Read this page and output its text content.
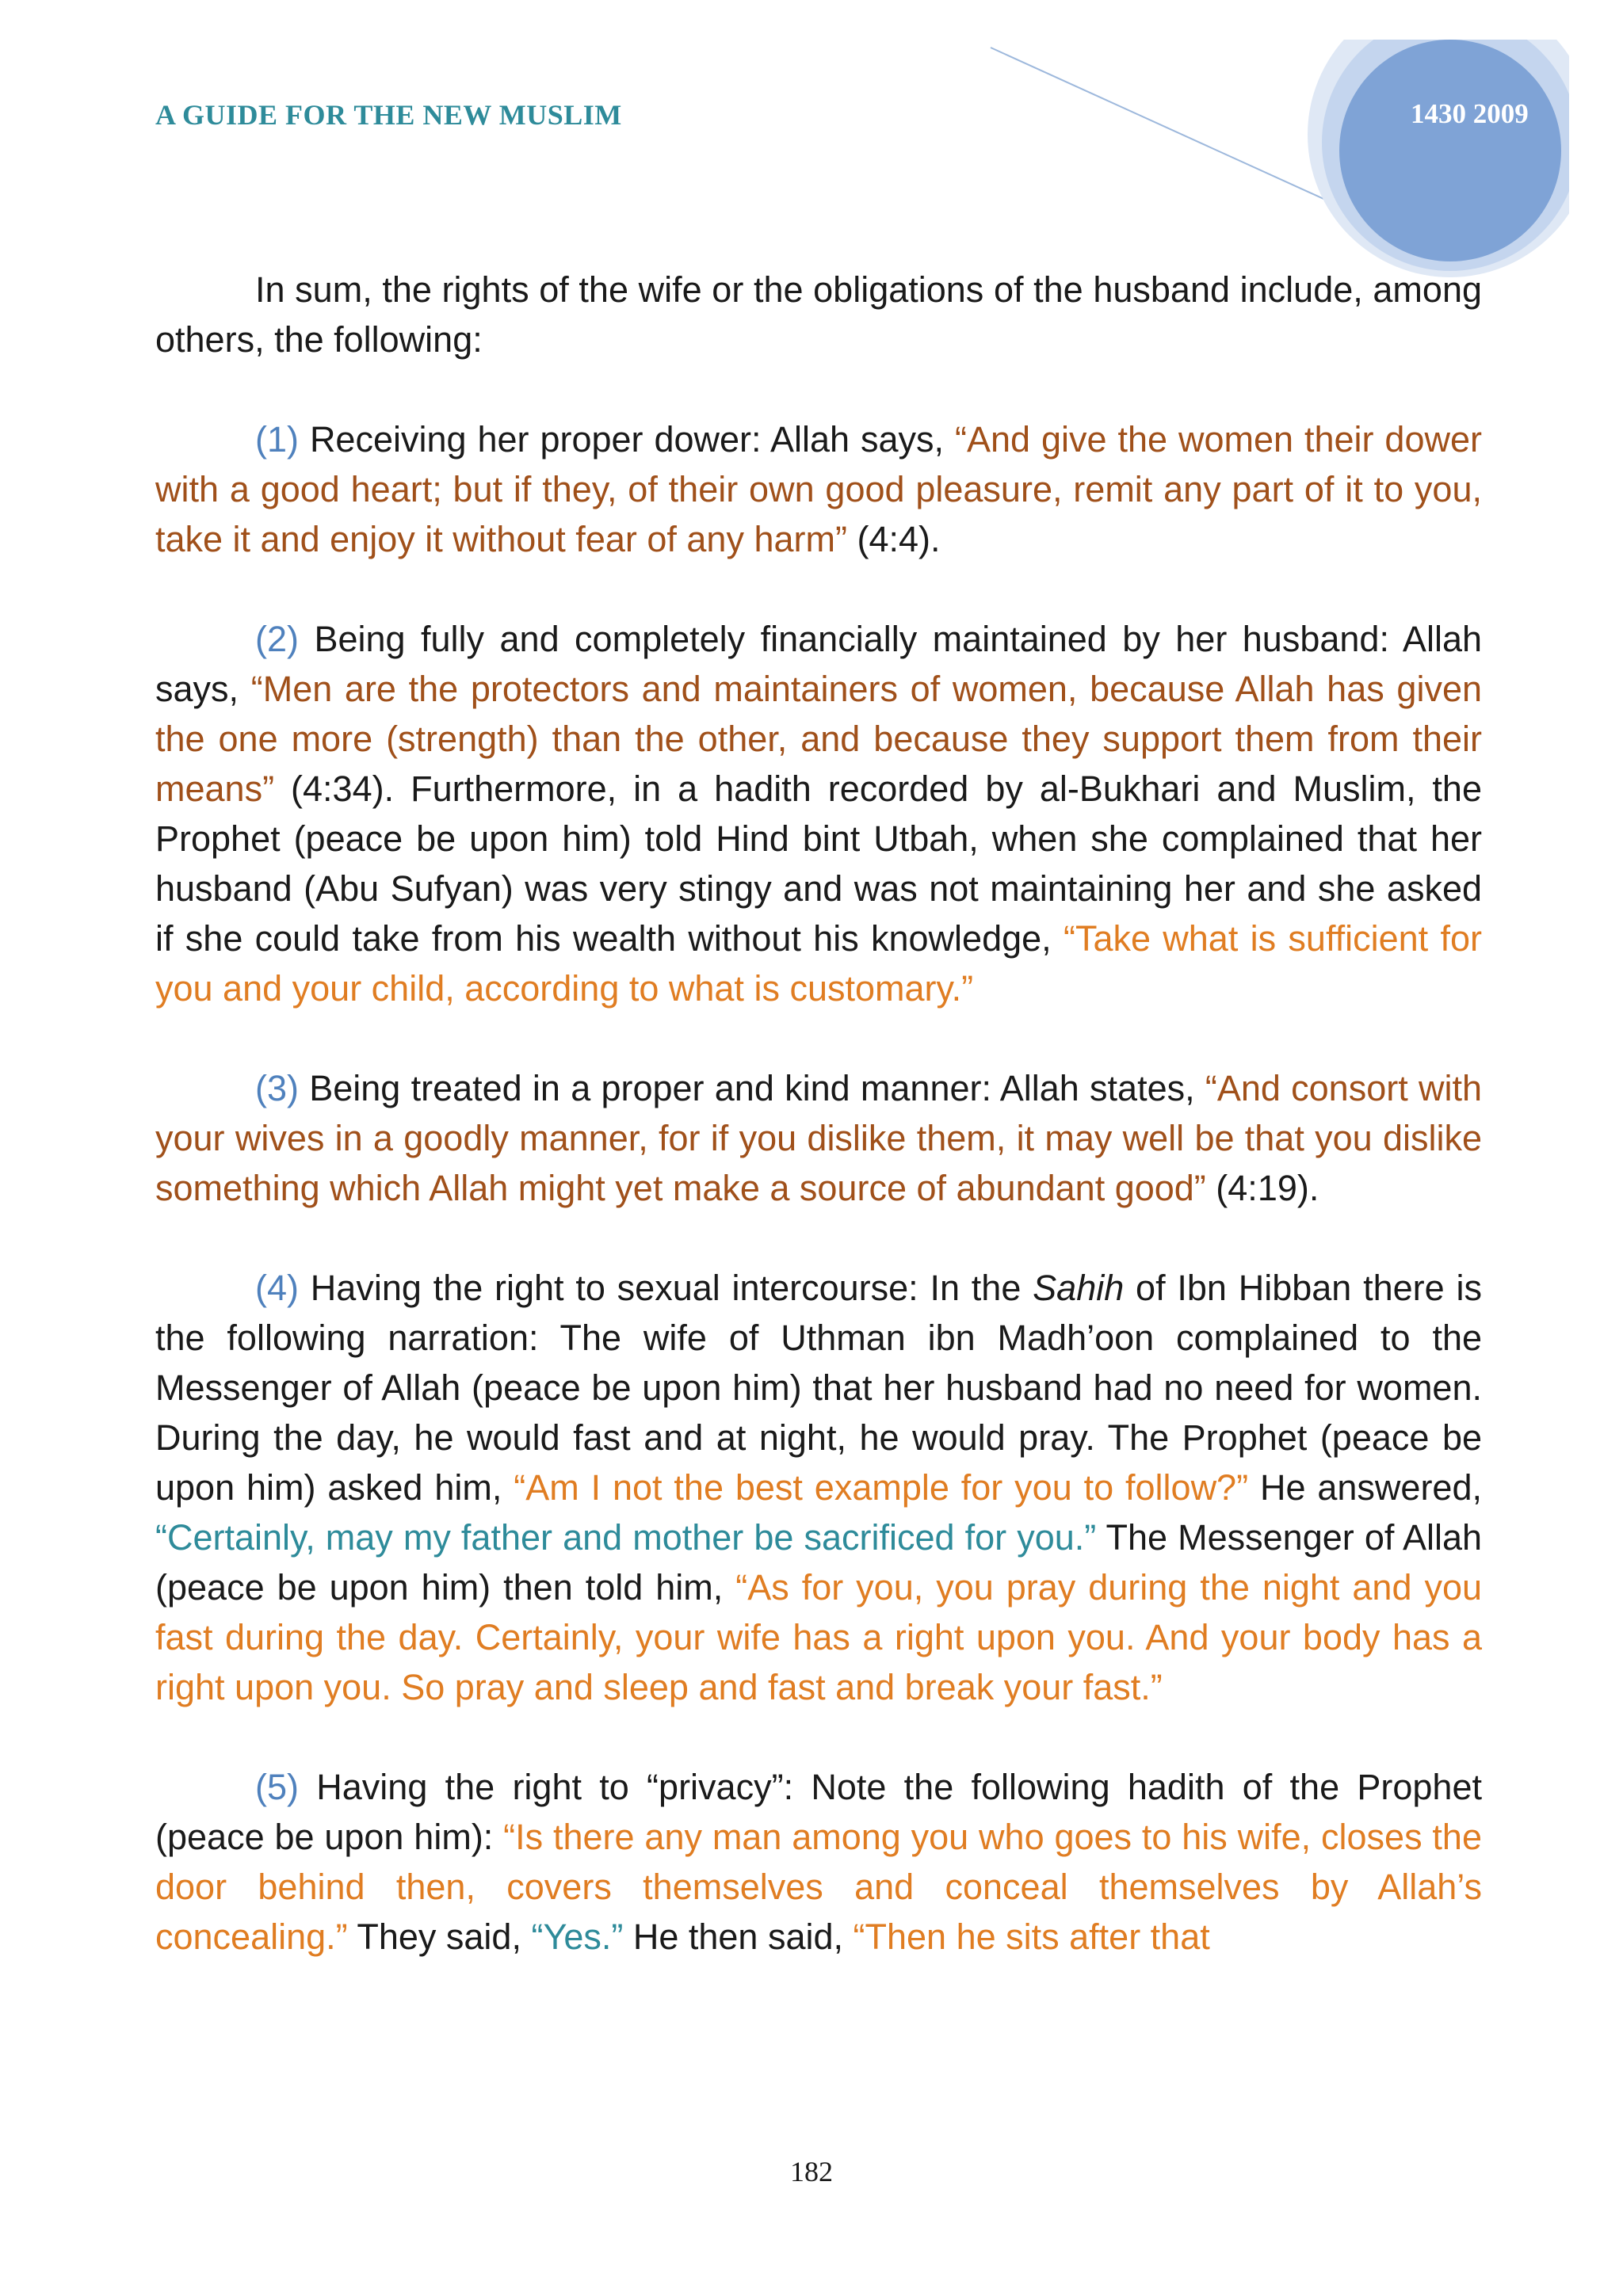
A GUIDE FOR THE NEW MUSLIM	1430 2009

In sum, the rights of the wife or the obligations of the husband include, among others, the following:

(1) Receiving her proper dower: Allah says, “And give the women their dower with a good heart; but if they, of their own good pleasure, remit any part of it to you, take it and enjoy it without fear of any harm” (4:4).

(2) Being fully and completely financially maintained by her husband: Allah says, “Men are the protectors and maintainers of women, because Allah has given the one more (strength) than the other, and because they support them from their means” (4:34). Furthermore, in a hadith recorded by al-Bukhari and Muslim, the Prophet (peace be upon him) told Hind bint Utbah, when she complained that her husband (Abu Sufyan) was very stingy and was not maintaining her and she asked if she could take from his wealth without his knowledge, “Take what is sufficient for you and your child, according to what is customary.”

(3) Being treated in a proper and kind manner: Allah states, “And consort with your wives in a goodly manner, for if you dislike them, it may well be that you dislike something which Allah might yet make a source of abundant good” (4:19).

(4) Having the right to sexual intercourse: In the Sahih of Ibn Hibban there is the following narration: The wife of Uthman ibn Madh’oon complained to the Messenger of Allah (peace be upon him) that her husband had no need for women. During the day, he would fast and at night, he would pray. The Prophet (peace be upon him) asked him, “Am I not the best example for you to follow?” He answered, “Certainly, may my father and mother be sacrificed for you.” The Messenger of Allah (peace be upon him) then told him, “As for you, you pray during the night and you fast during the day. Certainly, your wife has a right upon you. And your body has a right upon you. So pray and sleep and fast and break your fast.”

(5) Having the right to “privacy”: Note the following hadith of the Prophet (peace be upon him): “Is there any man among you who goes to his wife, closes the door behind then, covers themselves and conceal themselves by Allah’s concealing.” They said, “Yes.” He then said, “Then he sits after that

182
